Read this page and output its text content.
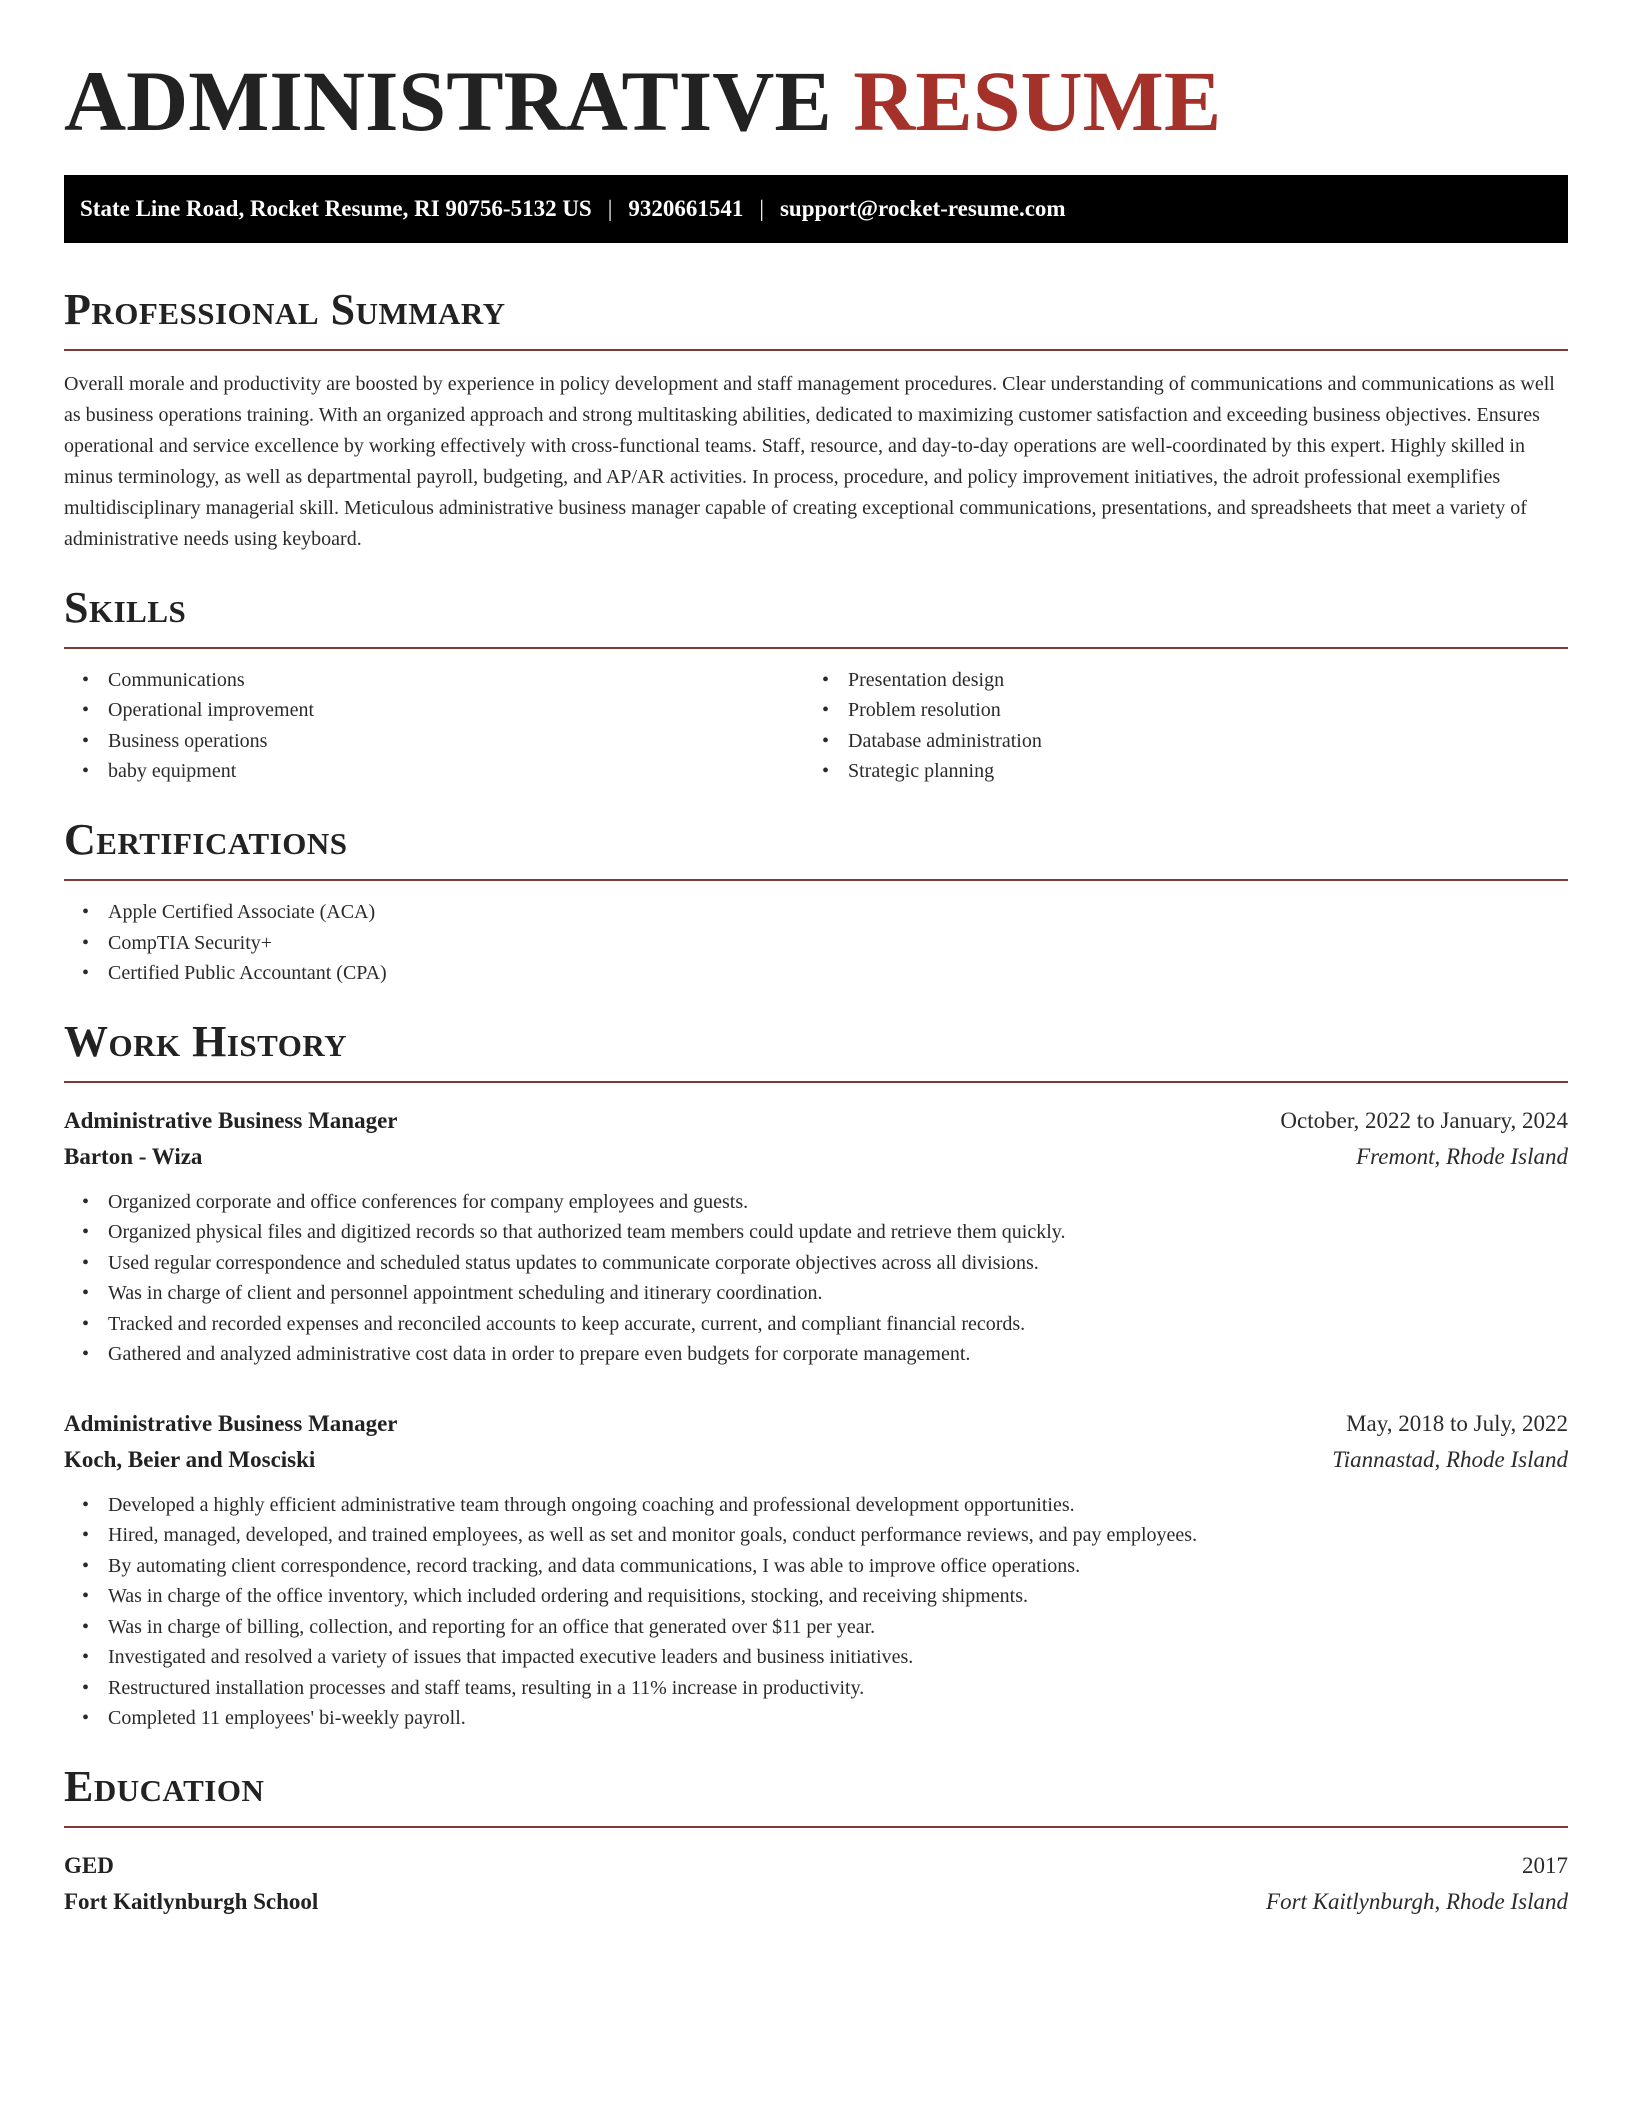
ADMINISTRATIVE RESUME
State Line Road, Rocket Resume, RI 90756-5132 US | 9320661541 | support@rocket-resume.com
Professional Summary

Overall morale and productivity are boosted by experience in policy development and staff management procedures. Clear understanding of communications and communications as well as business operations training. With an organized approach and strong multitasking abilities, dedicated to maximizing customer satisfaction and exceeding business objectives. Ensures operational and service excellence by working effectively with cross-functional teams. Staff, resource, and day-to-day operations are well-coordinated by this expert. Highly skilled in minus terminology, as well as departmental payroll, budgeting, and AP/AR activities. In process, procedure, and policy improvement initiatives, the adroit professional exemplifies multidisciplinary managerial skill. Meticulous administrative business manager capable of creating exceptional communications, presentations, and spreadsheets that meet a variety of administrative needs using keyboard.

Skills
• Communications
• Operational improvement
• Business operations
• baby equipment
• Presentation design
• Problem resolution
• Database administration
• Strategic planning
Certifications
• Apple Certified Associate (ACA)
• CompTIA Security+
• Certified Public Accountant (CPA)
Work History
Administrative Business Manager	October, 2022 to January, 2024
Barton - Wiza	Fremont, Rhode Island
• Organized corporate and office conferences for company employees and guests.
• Organized physical files and digitized records so that authorized team members could update and retrieve them quickly.
• Used regular correspondence and scheduled status updates to communicate corporate objectives across all divisions.
• Was in charge of client and personnel appointment scheduling and itinerary coordination.
• Tracked and recorded expenses and reconciled accounts to keep accurate, current, and compliant financial records.
• Gathered and analyzed administrative cost data in order to prepare even budgets for corporate management.
Administrative Business Manager	May, 2018 to July, 2022
Koch, Beier and Mosciski	Tiannastad, Rhode Island
• Developed a highly efficient administrative team through ongoing coaching and professional development opportunities.
• Hired, managed, developed, and trained employees, as well as set and monitor goals, conduct performance reviews, and pay employees.
• By automating client correspondence, record tracking, and data communications, I was able to improve office operations.
• Was in charge of the office inventory, which included ordering and requisitions, stocking, and receiving shipments.
• Was in charge of billing, collection, and reporting for an office that generated over $11 per year.
• Investigated and resolved a variety of issues that impacted executive leaders and business initiatives.
• Restructured installation processes and staff teams, resulting in a 11% increase in productivity.
• Completed 11 employees' bi-weekly payroll.
Education
GED	2017
Fort Kaitlynburgh School	Fort Kaitlynburgh, Rhode Island
